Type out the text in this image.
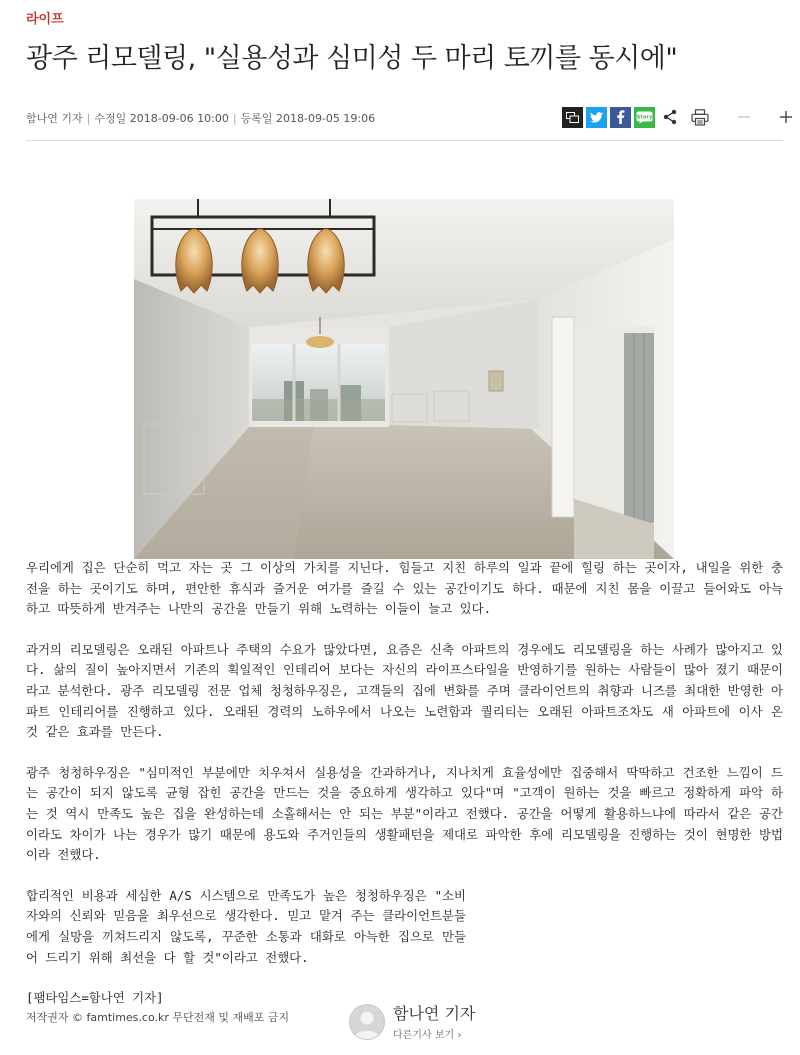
라이프
광주 리모델링, "실용성과 심미성 두 마리 토끼를 동시에"
함나연 기자 | 수정일 2018-09-06 10:00 | 등록일 2018-09-05 19:06	Story

우리에게 집은 단순히 먹고 자는 곳 그 이상의 가치를 지닌다. 힘들고 지친 하루의 일과 끝에 힐링 하는 곳이자, 내일을 위한 충전을 하는 곳이기도 하며, 편안한 휴식과 즐거운 여가를 즐길 수 있는 공간이기도 하다. 때문에 지친 몸을 이끌고 들어와도 아늑하고 따뜻하게 반겨주는 나만의 공간을 만들기 위해 노력하는 이들이 늘고 있다.

과거의 리모델링은 오래된 아파트나 주택의 수요가 많았다면, 요즘은 신축 아파트의 경우에도 리모델링을 하는 사례가 많아지고 있다. 삶의 질이 높아지면서 기존의 획일적인 인테리어 보다는 자신의 라이프스타일을 반영하기를 원하는 사람들이 많아 졌기 때문이라고 분석한다. 광주 리모델링 전문 업체 청청하우징은, 고객들의 집에 변화를 주며 클라이언트의 취향과 니즈를 최대한 반영한 아파트 인테리어를 진행하고 있다. 오래된 경력의 노하우에서 나오는 노련함과 퀄리티는 오래된 아파트조차도 새 아파트에 이사 온 것 같은 효과를 만든다.

광주 청청하우징은 "심미적인 부분에만 치우쳐서 실용성을 간과하거나, 지나치게 효율성에만 집중해서 딱딱하고 건조한 느낌이 드는 공간이 되지 않도록 균형 잡힌 공간을 만드는 것을 중요하게 생각하고 있다"며 "고객이 원하는 것을 빠르고 정확하게 파악 하는 것 역시 만족도 높은 집을 완성하는데 소홀해서는 안 되는 부분"이라고 전했다. 공간을 어떻게 활용하느냐에 따라서 같은 공간이라도 차이가 나는 경우가 많기 때문에 용도와 주거인들의 생활패턴을 제대로 파악한 후에 리모델링을 진행하는 것이 현명한 방법이라 전했다.

합리적인 비용과 세심한 A/S 시스템으로 만족도가 높은 청청하우징은 "소비자와의 신뢰와 믿음을 최우선으로 생각한다. 믿고 맡겨 주는 클라이언트분들에게 실망을 끼쳐드리지 않도록, 꾸준한 소통과 대화로 아늑한 집으로 만들어 드리기 위해 최선을 다 할 것"이라고 전했다.

[팸타임스=함나연 기자]

저작권자 © famtimes.co.kr 무단전재 및 재배포 금지	함나연 기자
다른기사 보기 ›
